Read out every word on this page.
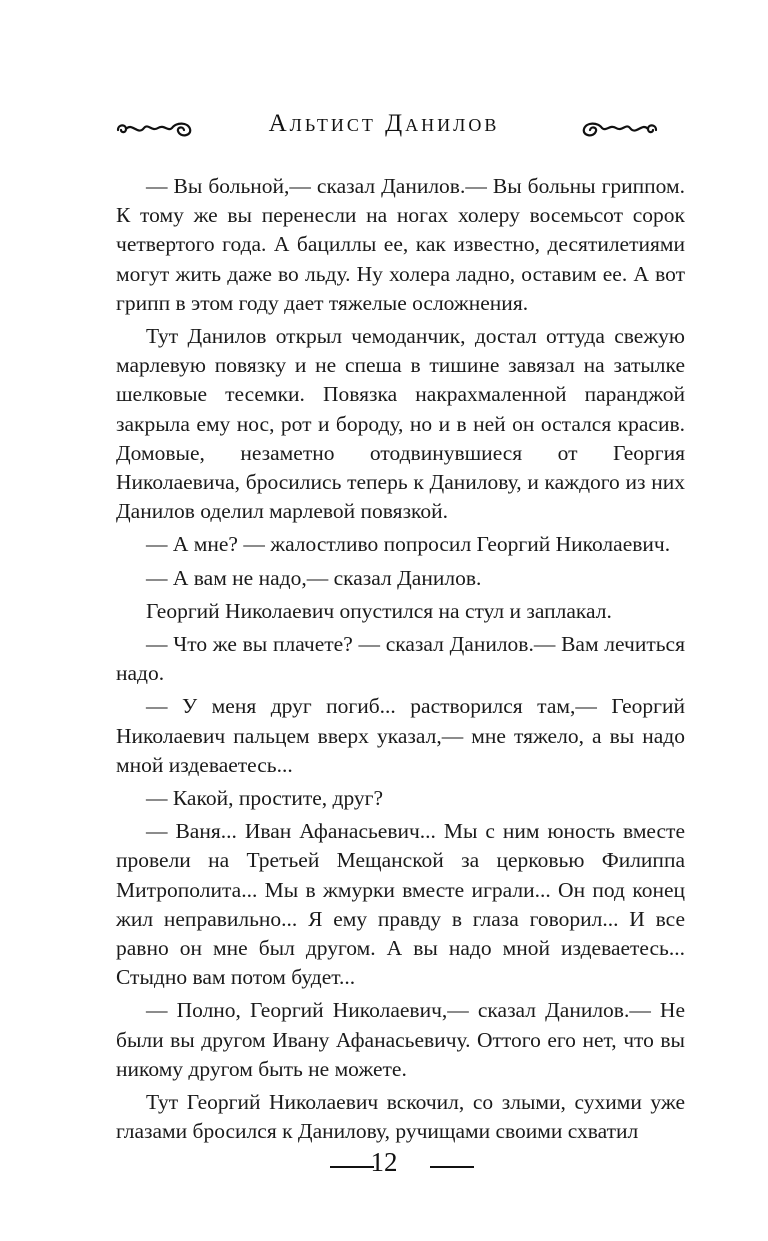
Альтист Данилов

— Вы больной,— сказал Данилов.— Вы больны гриппом. К тому же вы перенесли на ногах холеру восемьсот сорок четвертого года. А бациллы ее, как известно, десятилетиями могут жить даже во льду. Ну холера ладно, оставим ее. А вот грипп в этом году дает тяжелые осложнения.

Тут Данилов открыл чемоданчик, достал оттуда свежую марлевую повязку и не спеша в тишине завязал на затылке шелковые тесемки. Повязка накрахмаленной паранджой закрыла ему нос, рот и бороду, но и в ней он остался красив. Домовые, незаметно отодвинувшиеся от Георгия Николаевича, бросились теперь к Данилову, и каждого из них Данилов оделил марлевой повязкой.

— А мне? — жалостливо попросил Георгий Николаевич.

— А вам не надо,— сказал Данилов.

Георгий Николаевич опустился на стул и заплакал.

— Что же вы плачете? — сказал Данилов.— Вам лечиться надо.

— У меня друг погиб... растворился там,— Георгий Николаевич пальцем вверх указал,— мне тяжело, а вы надо мной издеваетесь...

— Какой, простите, друг?

— Ваня... Иван Афанасьевич... Мы с ним юность вместе провели на Третьей Мещанской за церковью Филиппа Митрополита... Мы в жмурки вместе играли... Он под конец жил неправильно... Я ему правду в глаза говорил... И все равно он мне был другом. А вы надо мной издеваетесь... Стыдно вам потом будет...

— Полно, Георгий Николаевич,— сказал Данилов.— Не были вы другом Ивану Афанасьевичу. Оттого его нет, что вы никому другом быть не можете.

Тут Георгий Николаевич вскочил, со злыми, сухими уже глазами бросился к Данилову, ручищами своими схватил

12
